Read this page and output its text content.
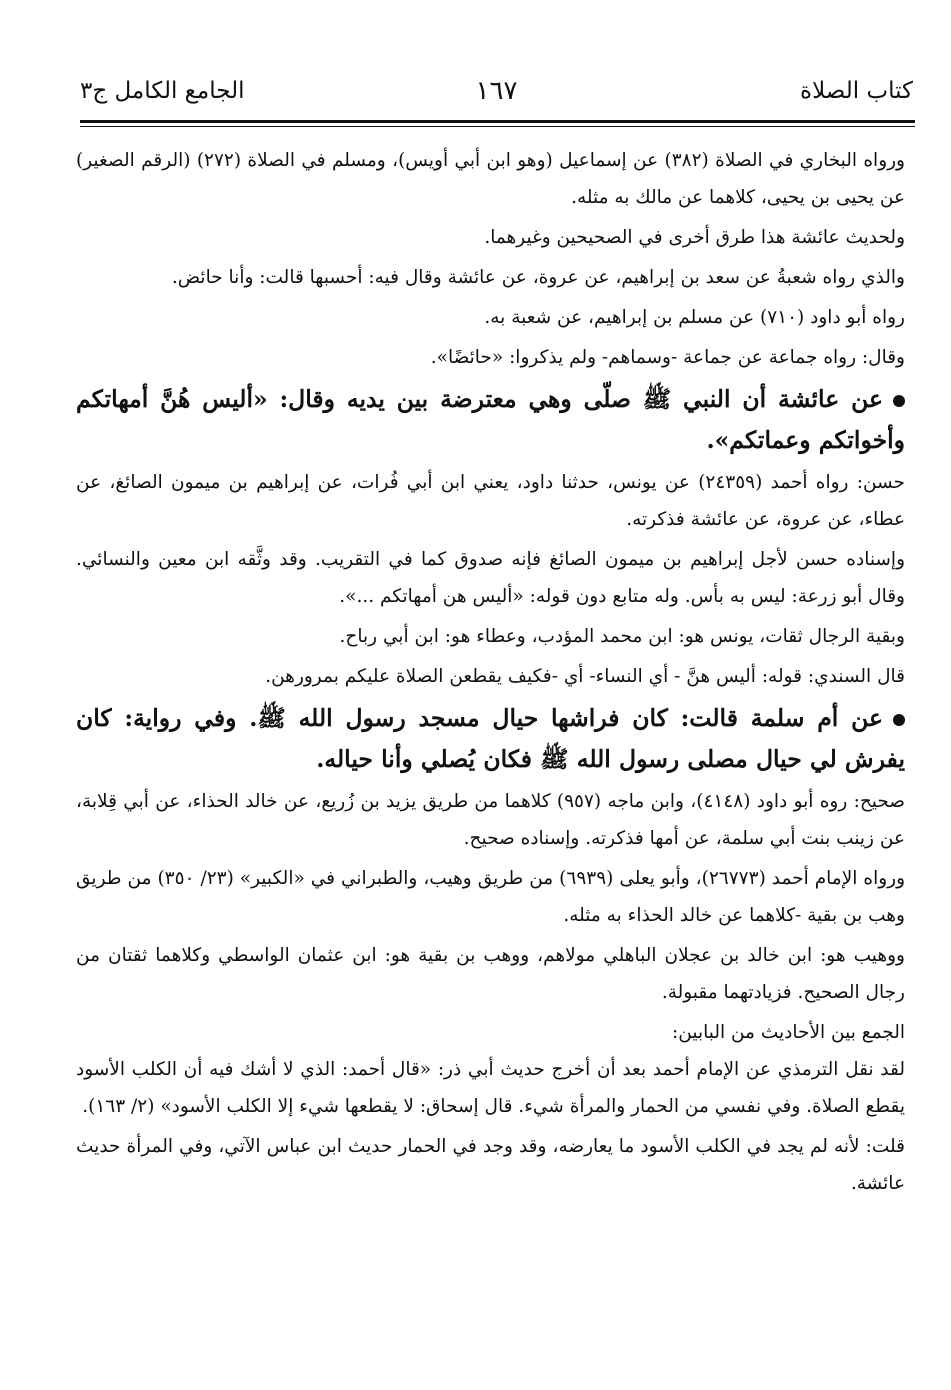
الجامع الكامل ج٣	١٦٧	كتاب الصلاة

ورواه البخاري في الصلاة (٣٨٢) عن إسماعيل (وهو ابن أبي أويس)، ومسلم في الصلاة (٢٧٢) (الرقم الصغير) عن يحيى بن يحيى، كلاهما عن مالك به مثله.

ولحديث عائشة هذا طرق أخرى في الصحيحين وغيرهما.

والذي رواه شعبةُ عن سعد بن إبراهيم، عن عروة، عن عائشة وقال فيه: أحسبها قالت: وأنا حائض.

رواه أبو داود (٧١٠) عن مسلم بن إبراهيم، عن شعبة به.

وقال: رواه جماعة عن جماعة -وسماهم- ولم يذكروا: «حائضًا».

عن عائشة أن النبي ﷺ صلّى وهي معترضة بين يديه وقال: «أليس هُنَّ أمهاتكم وأخواتكم وعماتكم».

حسن: رواه أحمد (٢٤٣٥٩) عن يونس، حدثنا داود، يعني ابن أبي فُرات، عن إبراهيم بن ميمون الصائغ، عن عطاء، عن عروة، عن عائشة فذكرته.

وإسناده حسن لأجل إبراهيم بن ميمون الصائغ فإنه صدوق كما في التقريب. وقد وثَّقه ابن معين والنسائي. وقال أبو زرعة: ليس به بأس. وله متابع دون قوله: «أليس هن أمهاتكم ...».

وبقية الرجال ثقات، يونس هو: ابن محمد المؤدب، وعطاء هو: ابن أبي رباح.

قال السندي: قوله: أليس هنَّ - أي النساء- أي -فكيف يقطعن الصلاة عليكم بمرورهن.

عن أم سلمة قالت: كان فراشها حيال مسجد رسول الله ﷺ. وفي رواية: كان يفرش لي حيال مصلى رسول الله ﷺ فكان يُصلي وأنا حياله.

صحيح: روه أبو داود (٤١٤٨)، وابن ماجه (٩٥٧) كلاهما من طريق يزيد بن زُريع، عن خالد الحذاء، عن أبي قِلابة، عن زينب بنت أبي سلمة، عن أمها فذكرته. وإسناده صحيح.

ورواه الإمام أحمد (٢٦٧٧٣)، وأبو يعلى (٦٩٣٩) من طريق وهيب، والطبراني في «الكبير» (٢٣/ ٣٥٠) من طريق وهب بن بقية -كلاهما عن خالد الحذاء به مثله.

ووهيب هو: ابن خالد بن عجلان الباهلي مولاهم، ووهب بن بقية هو: ابن عثمان الواسطي وكلاهما ثقتان من رجال الصحيح. فزيادتهما مقبولة.

الجمع بين الأحاديث من البابين:

لقد نقل الترمذي عن الإمام أحمد بعد أن أخرج حديث أبي ذر: «قال أحمد: الذي لا أشك فيه أن الكلب الأسود يقطع الصلاة. وفي نفسي من الحمار والمرأة شيء. قال إسحاق: لا يقطعها شيء إلا الكلب الأسود» (٢/ ١٦٣).

قلت: لأنه لم يجد في الكلب الأسود ما يعارضه، وقد وجد في الحمار حديث ابن عباس الآتي، وفي المرأة حديث عائشة.
